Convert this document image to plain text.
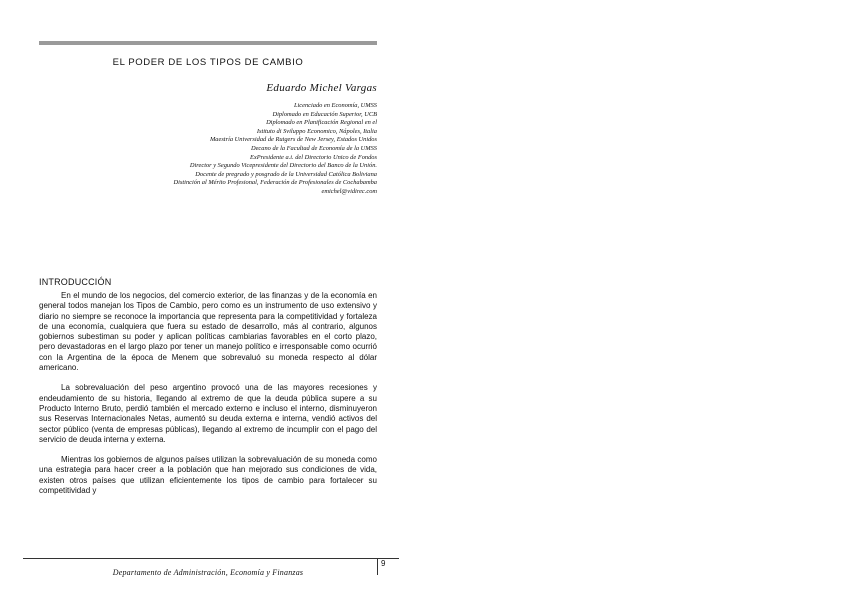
EL PODER DE LOS TIPOS DE CAMBIO
Eduardo Michel Vargas
Licenciado en Economía, UMSS
Diplomado en Educación Superior, UCB
Diplomado en Planificación Regional en el
Istituto di Sviluppo Economico, Nápoles, Italia
Maestría Universidad de Rutgers de New Jersey, Estados Unidos
Decano de la Facultad de Economía de la UMSS
ExPresidente a.i. del Directorio Unico de Fondos
Director y Segundo Vicepresidente del Directorio del Banco de la Unión.
Docente de pregrado y posgrado de la Universidad Católica Boliviana
Distinción al Mérito Profesional, Federación de Profesionales de Cochabamba
emichel@vidirec.com
INTRODUCCIÓN

En el mundo de los negocios, del comercio exterior, de las finanzas y de la economía en general todos manejan los Tipos de Cambio, pero como es un instrumento de uso extensivo y diario no siempre se reconoce la importancia que representa para la competitividad y fortaleza de una economía, cualquiera que fuera su estado de desarrollo, más al contrario, algunos gobiernos subestiman su poder y aplican políticas cambiarias favorables en el corto plazo, pero devastadoras en el largo plazo por tener un manejo político e irresponsable como ocurrió con la Argentina de la época de Menem que sobrevaluó su moneda respecto al dólar americano.

La sobrevaluación del peso argentino provocó una de las mayores recesiones y endeudamiento de su historia, llegando al extremo de que la deuda pública supere a su Producto Interno Bruto, perdió también el mercado externo e incluso el interno, disminuyeron sus Reservas Internacionales Netas, aumentó su deuda externa e interna, vendió activos del sector público (venta de empresas públicas), llegando al extremo de incumplir con el pago del servicio de deuda interna y externa.

Mientras los gobiernos de algunos países utilizan la sobrevaluación de su moneda como una estrategia para hacer creer a la población que han mejorado sus condiciones de vida, existen otros países que utilizan eficientemente los tipos de cambio para fortalecer su competitividad y

9
Departamento de Administración, Economía y Finanzas
